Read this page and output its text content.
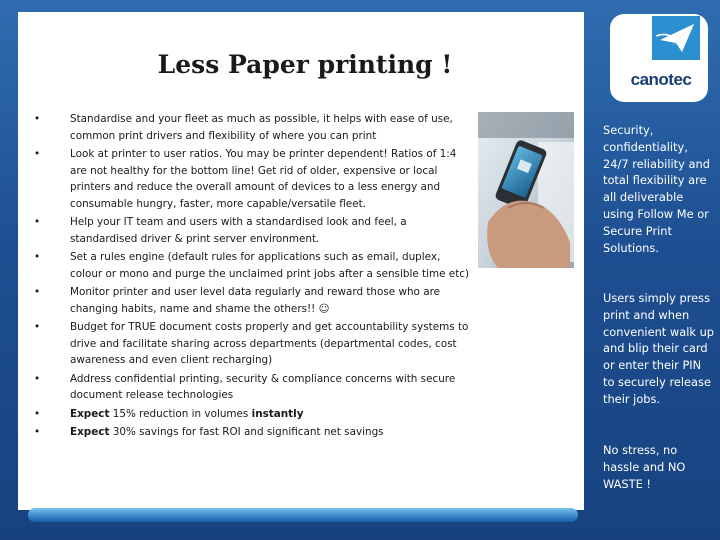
canotec
Less Paper printing !
•	Standardise and your fleet as much as possible, it helps with ease of use, common print drivers and flexibility of where you can print
•	Look at printer to user ratios. You may be printer dependent! Ratios of 1:4 are not healthy for the bottom line! Get rid of older, expensive or local printers and reduce the overall amount of devices to a less energy and consumable hungry, faster, more capable/versatile fleet.
•	Help your IT team and users with a standardised look and feel, a standardised driver & print server environment.
•	Set a rules engine (default rules for applications such as email, duplex, colour or mono and purge the unclaimed print jobs after a sensible time etc)
•	Monitor printer and user level data regularly and reward those who are changing habits, name and shame the others!! ☺
•	Budget for TRUE document costs properly and get accountability systems to drive and facilitate sharing across departments (departmental codes, cost awareness and even client recharging)
•	Address confidential printing, security & compliance concerns with secure document release technologies
•	Expect 15% reduction in volumes instantly
•	Expect 30% savings for fast ROI and significant net savings

Security, confidentiality, 24/7 reliability and total flexibility are all deliverable using Follow Me or Secure Print Solutions.

Users simply press print and when convenient walk up and blip their card or enter their PIN to securely release their jobs.

No stress, no hassle and NO WASTE !
